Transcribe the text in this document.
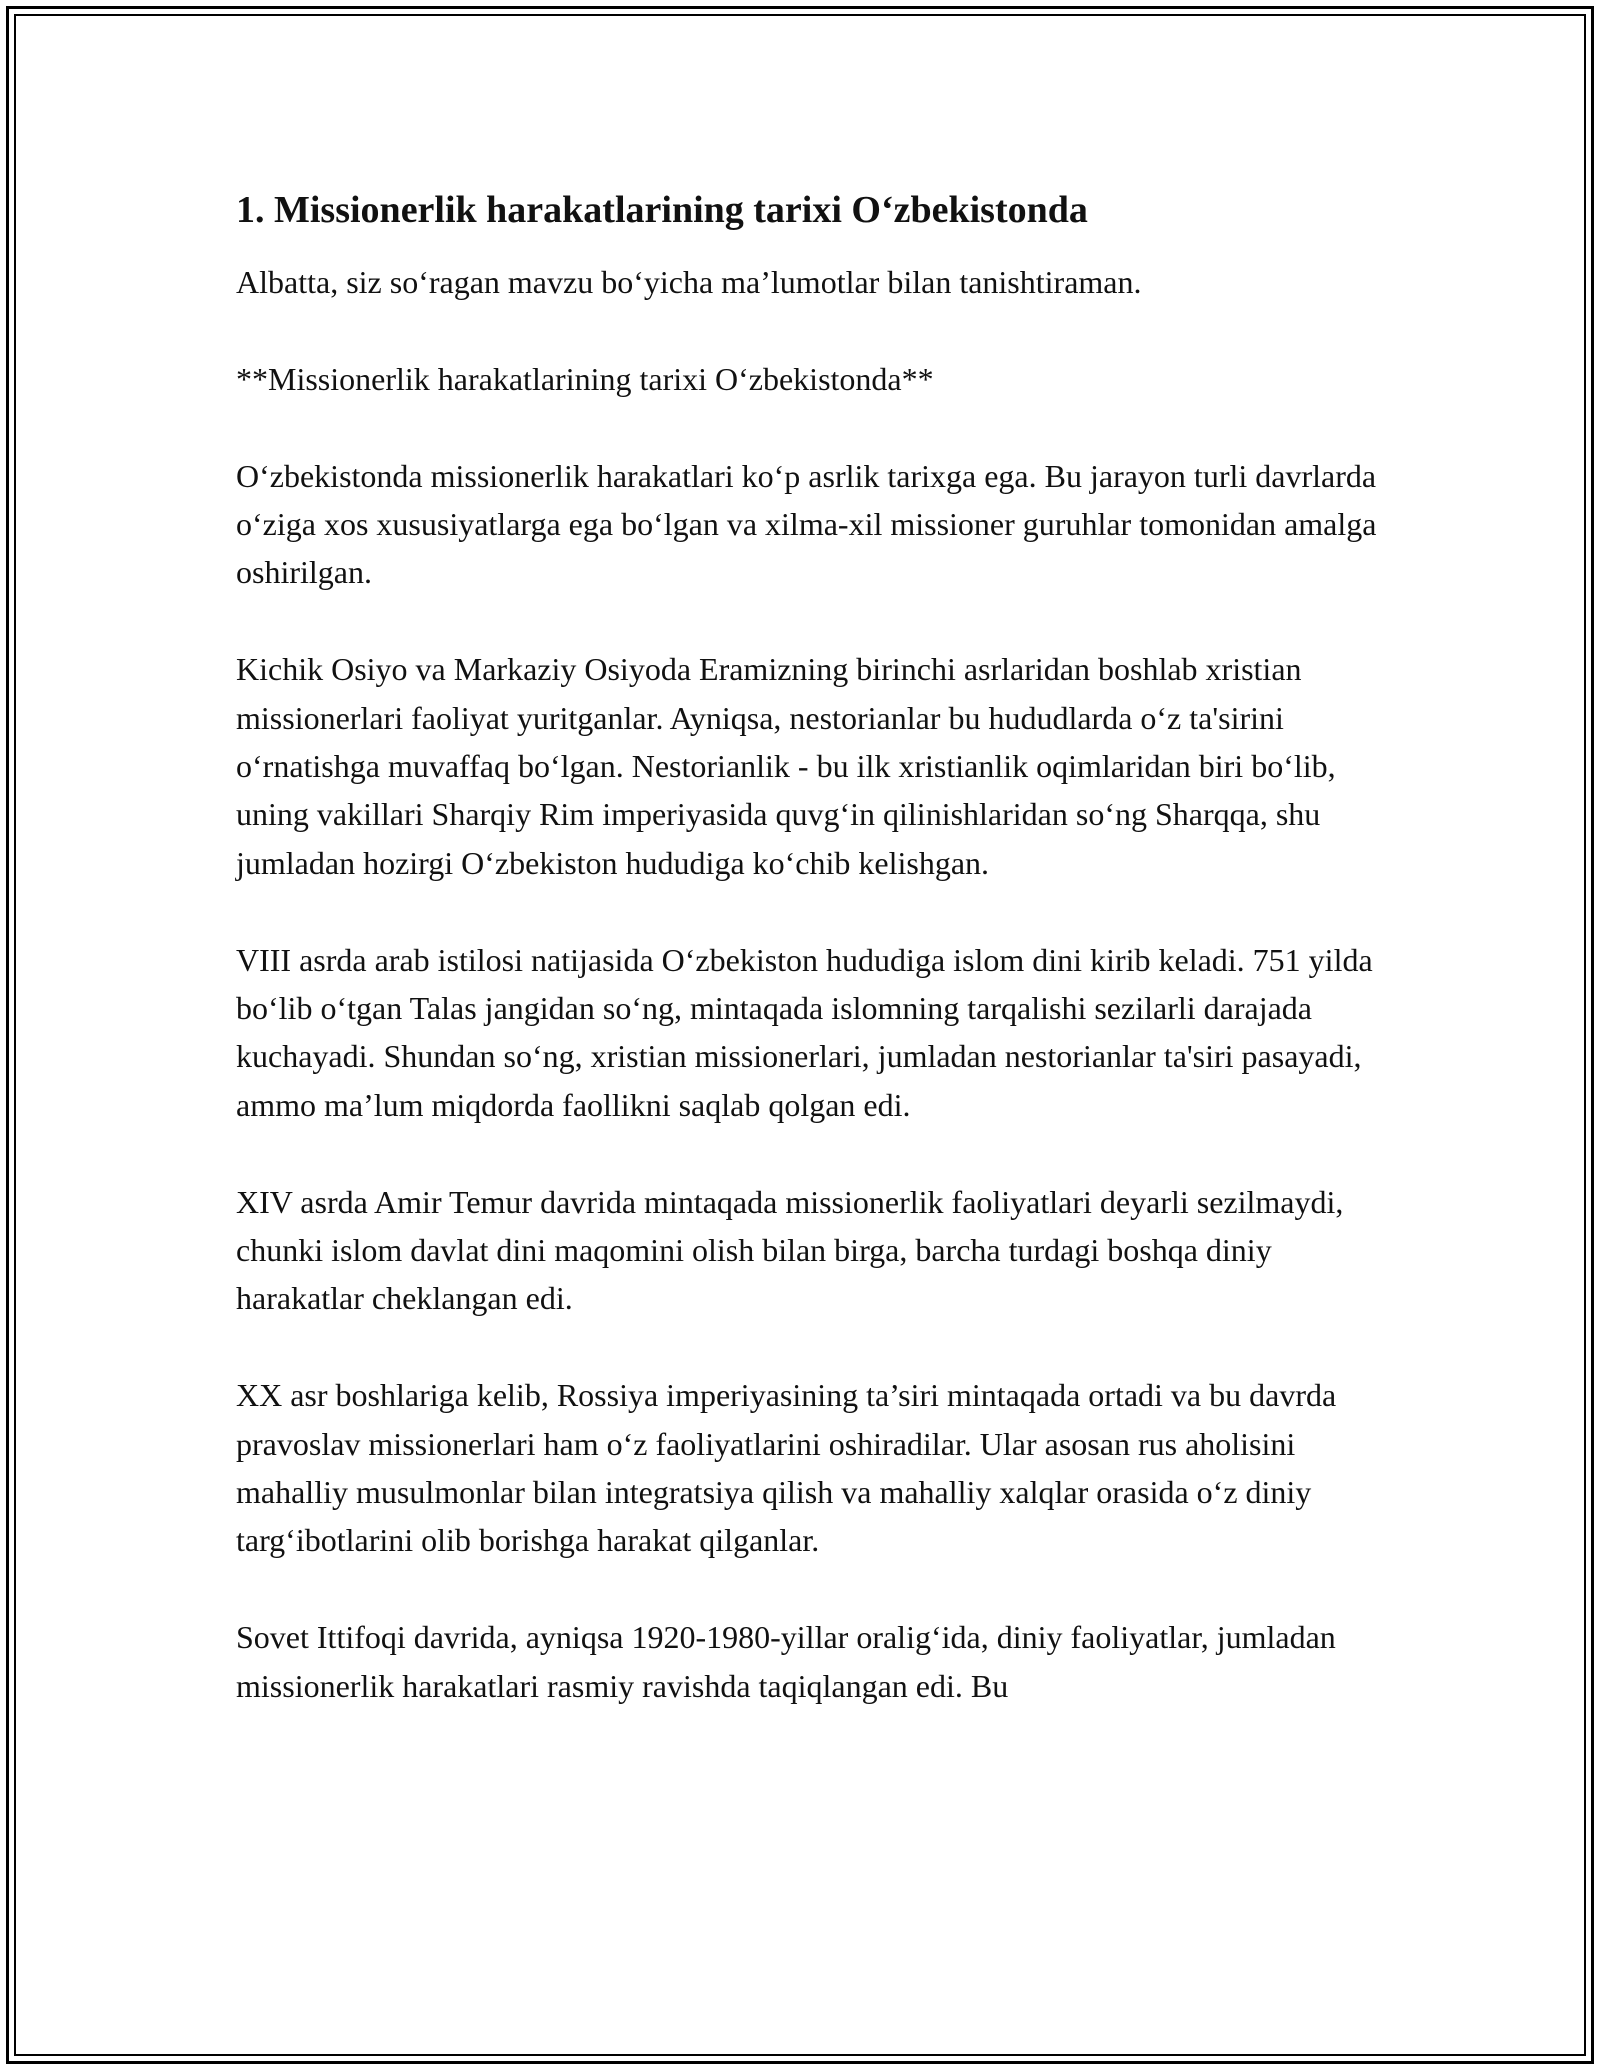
1. Missionerlik harakatlarining tarixi O‘zbekistonda
Albatta, siz so‘ragan mavzu bo‘yicha ma’lumotlar bilan tanishtiraman.
**Missionerlik harakatlarining tarixi O‘zbekistonda**
O‘zbekistonda missionerlik harakatlari ko‘p asrlik tarixga ega. Bu jarayon turli davrlarda o‘ziga xos xususiyatlarga ega bo‘lgan va xilma-xil missioner guruhlar tomonidan amalga oshirilgan.
Kichik Osiyo va Markaziy Osiyoda Eramizning birinchi asrlaridan boshlab xristian missionerlari faoliyat yuritganlar. Ayniqsa, nestorianlar bu hududlarda o‘z ta'sirini o‘rnatishga muvaffaq bo‘lgan. Nestorianlik - bu ilk xristianlik oqimlaridan biri bo‘lib, uning vakillari Sharqiy Rim imperiyasida quvg‘in qilinishlaridan so‘ng Sharqqa, shu jumladan hozirgi O‘zbekiston hududiga ko‘chib kelishgan.
VIII asrda arab istilosi natijasida O‘zbekiston hududiga islom dini kirib keladi. 751 yilda bo‘lib o‘tgan Talas jangidan so‘ng, mintaqada islomning tarqalishi sezilarli darajada kuchayadi. Shundan so‘ng, xristian missionerlari, jumladan nestorianlar ta'siri pasayadi, ammo ma’lum miqdorda faollikni saqlab qolgan edi.
XIV asrda Amir Temur davrida mintaqada missionerlik faoliyatlari deyarli sezilmaydi, chunki islom davlat dini maqomini olish bilan birga, barcha turdagi boshqa diniy harakatlar cheklangan edi.
XX asr boshlariga kelib, Rossiya imperiyasining ta’siri mintaqada ortadi va bu davrda pravoslav missionerlari ham o‘z faoliyatlarini oshiradilar. Ular asosan rus aholisini mahalliy musulmonlar bilan integratsiya qilish va mahalliy xalqlar orasida o‘z diniy targ‘ibotlarini olib borishga harakat qilganlar.
Sovet Ittifoqi davrida, ayniqsa 1920-1980-yillar oralig‘ida, diniy faoliyatlar, jumladan missionerlik harakatlari rasmiy ravishda taqiqlangan edi. Bu
